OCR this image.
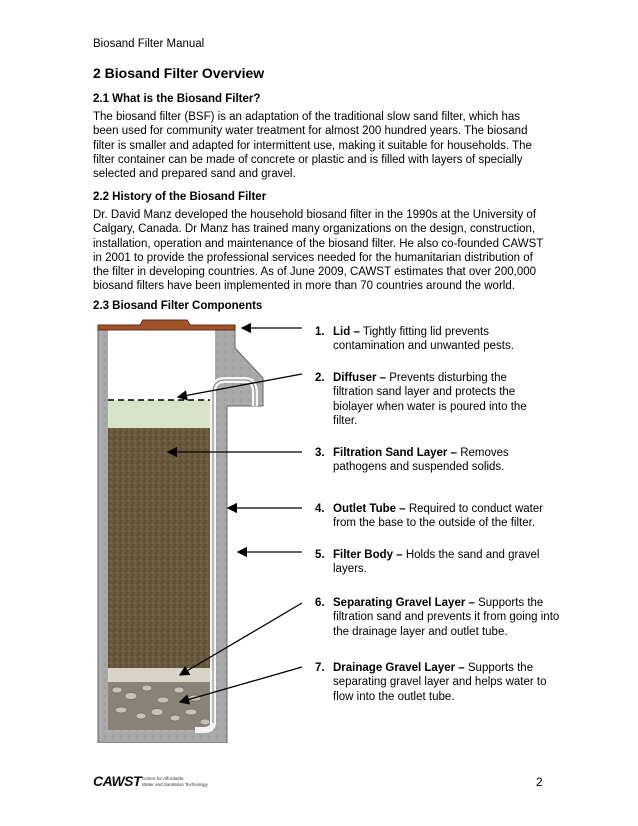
Biosand Filter Manual
2 Biosand Filter Overview
2.1 What is the Biosand Filter?
The biosand filter (BSF) is an adaptation of the traditional slow sand filter, which has
been used for community water treatment for almost 200 hundred years. The biosand
filter is smaller and adapted for intermittent use, making it suitable for households. The
filter container can be made of concrete or plastic and is filled with layers of specially
selected and prepared sand and gravel.
2.2 History of the Biosand Filter
Dr. David Manz developed the household biosand filter in the 1990s at the University of
Calgary, Canada. Dr Manz has trained many organizations on the design, construction,
installation, operation and maintenance of the biosand filter. He also co-founded CAWST
in 2001 to provide the professional services needed for the humanitarian distribution of
the filter in developing countries. As of June 2009, CAWST estimates that over 200,000
biosand filters have been implemented in more than 70 countries around the world.
2.3 Biosand Filter Components
1. Lid – Tightly fitting lid prevents
contamination and unwanted pests.
2. Diffuser – Prevents disturbing the
filtration sand layer and protects the
biolayer when water is poured into the
filter.
3. Filtration Sand Layer – Removes
pathogens and suspended solids.
4. Outlet Tube – Required to conduct water
from the base to the outside of the filter.
5. Filter Body – Holds the sand and gravel
layers.
6. Separating Gravel Layer – Supports the
filtration sand and prevents it from going into
the drainage layer and outlet tube.
7. Drainage Gravel Layer – Supports the
separating gravel layer and helps water to
flow into the outlet tube.
CAWST Centre for Affordable
Water and Sanitation Technology	2
